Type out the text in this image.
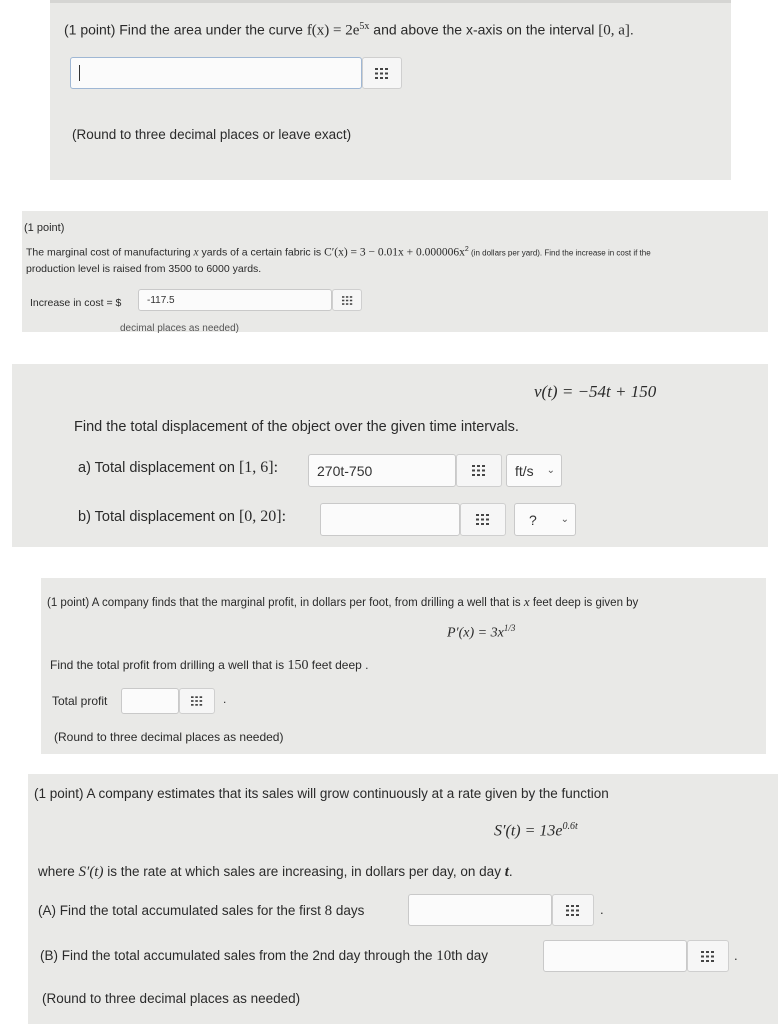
(1 point) Find the area under the curve $f(x) = 2e^{5x}$ and above the x-axis on the interval [0, a].
(Round to three decimal places or leave exact)
(1 point)
The marginal cost of manufacturing x yards of a certain fabric is $C'(x) = 3 - 0.01x + 0.000006x^2$ (in dollars per yard). Find the increase in cost if the
production level is raised from 3500 to 6000 yards.
Increase in cost = $	-117.5
decimal places as needed)
v(t) = −54t + 150
Find the total displacement of the object over the given time intervals.
a) Total displacement on [1, 6]:	270t-750	ft/s ⌄
b) Total displacement on [0, 20]:	? ⌄
(1 point) A company finds that the marginal profit, in dollars per foot, from drilling a well that is x feet deep is given by
$P'(x) = 3x^{1/3}$
Find the total profit from drilling a well that is 150 feet deep .
Total profit	.
(Round to three decimal places as needed)
(1 point) A company estimates that its sales will grow continuously at a rate given by the function
$S'(t) = 13e^{0.6t}$
where S′(t) is the rate at which sales are increasing, in dollars per day, on day t.
(A) Find the total accumulated sales for the first 8 days	.
(B) Find the total accumulated sales from the 2nd day through the 10th day	.
(Round to three decimal places as needed)
